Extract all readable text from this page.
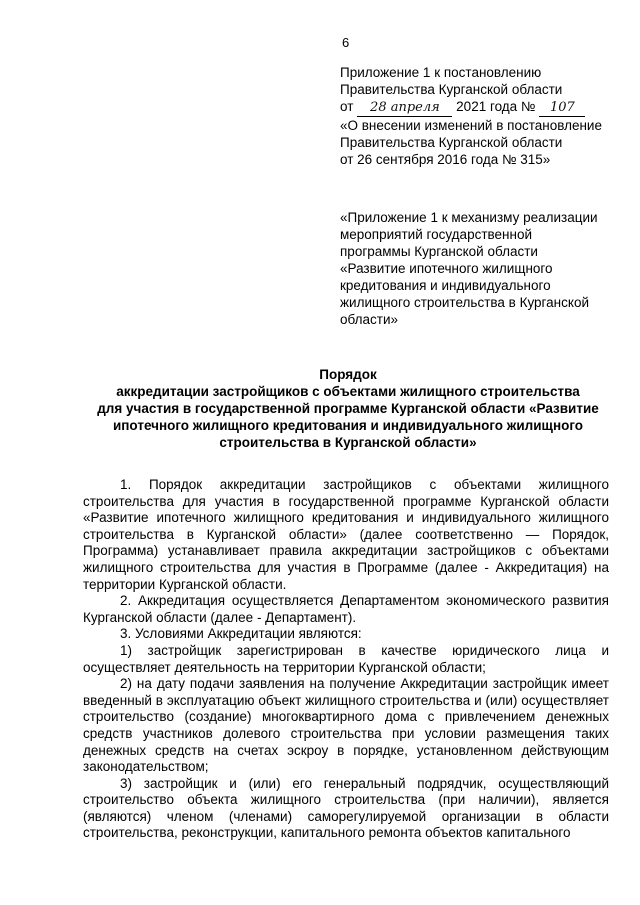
6
Приложение 1 к постановлению
Правительства Курганской области
от 28 апреля 2021 года № 107
«О внесении изменений в постановление
Правительства Курганской области
от 26 сентября 2016 года № 315»
«Приложение 1 к механизму реализации
мероприятий государственной
программы Курганской области
«Развитие ипотечного жилищного
кредитования и индивидуального
жилищного строительства в Курганской
области»
Порядок
аккредитации застройщиков с объектами жилищного строительства
для участия в государственной программе Курганской области «Развитие
ипотечного жилищного кредитования и индивидуального жилищного
строительства в Курганской области»

1. Порядок аккредитации застройщиков с объектами жилищного строительства для участия в государственной программе Курганской области «Развитие ипотечного жилищного кредитования и индивидуального жилищного строительства в Курганской области» (далее соответственно — Порядок, Программа) устанавливает правила аккредитации застройщиков с объектами жилищного строительства для участия в Программе (далее - Аккредитация) на территории Курганской области.

2. Аккредитация осуществляется Департаментом экономического развития Курганской области (далее - Департамент).

3. Условиями Аккредитации являются:

1) застройщик зарегистрирован в качестве юридического лица и осуществляет деятельность на территории Курганской области;

2) на дату подачи заявления на получение Аккредитации застройщик имеет введенный в эксплуатацию объект жилищного строительства и (или) осуществляет строительство (создание) многоквартирного дома с привлечением денежных средств участников долевого строительства при условии размещения таких денежных средств на счетах эскроу в порядке, установленном действующим законодательством;

3) застройщик и (или) его генеральный подрядчик, осуществляющий строительство объекта жилищного строительства (при наличии), является (являются) членом (членами) саморегулируемой организации в области строительства, реконструкции, капитального ремонта объектов капитального
